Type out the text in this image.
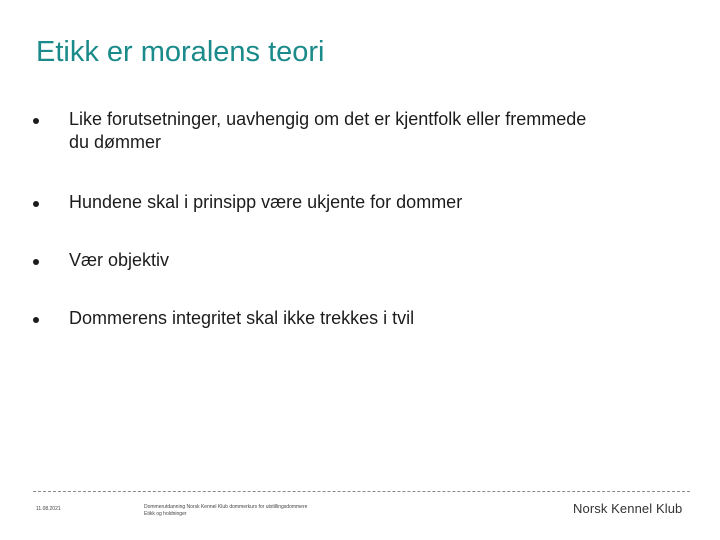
Etikk er moralens teori
Like forutsetninger, uavhengig om det er kjentfolk eller fremmede du dømmer
Hundene skal i prinsipp være ukjente for dommer
Vær objektiv
Dommerens integritet skal ikke trekkes i tvil
11.08.2021	Dommerutdanning Norsk Kennel Klub dommerkurs for utstillingsdommere
Etikk og holdninger	Norsk Kennel Klub
